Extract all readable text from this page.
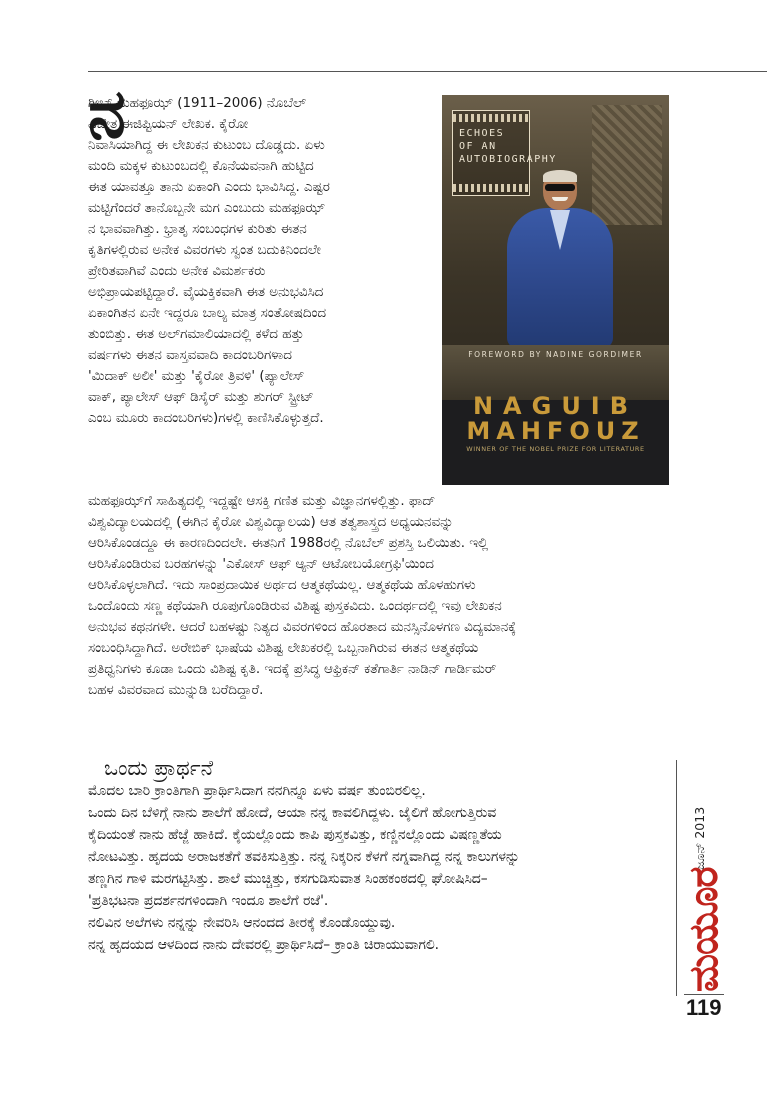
ನ
ಗೀಬ್ ಮಹಫೂಝ್ (1911–2006) ನೊಬೆಲ್
ವಿಜೇತ ಈಜಿಪ್ಟಿಯನ್ ಲೇಖಕ. ಕೈರೋ
ನಿವಾಸಿಯಾಗಿದ್ದ ಈ ಲೇಖಕನ ಕುಟುಂಬ ದೊಡ್ಡದು. ಏಳು
ಮಂದಿ ಮಕ್ಕಳ ಕುಟುಂಬದಲ್ಲಿ ಕೊನೆಯವನಾಗಿ ಹುಟ್ಟಿದ
ಈತ ಯಾವತ್ತೂ ತಾನು ಏಕಾಂಗಿ ಎಂದು ಭಾವಿಸಿದ್ದ. ಎಷ್ಟರ
ಮಟ್ಟಿಗೆಂದರೆ ತಾನೊಬ್ಬನೇ ಮಗ ಎಂಬುದು ಮಹಫೂಝ್
ನ ಭಾವವಾಗಿತ್ತು. ಭ್ರಾತೃ ಸಂಬಂಧಗಳ ಕುರಿತು ಈತನ
ಕೃತಿಗಳಲ್ಲಿರುವ ಅನೇಕ ವಿವರಗಳು ಸ್ವಂತ ಬದುಕಿನಿಂದಲೇ
ಪ್ರೇರಿತವಾಗಿವೆ ಎಂದು ಅನೇಕ ವಿಮರ್ಶಕರು
ಅಭಿಪ್ರಾಯಪಟ್ಟಿದ್ದಾರೆ. ವೈಯಕ್ತಿಕವಾಗಿ ಈತ ಅನುಭವಿಸಿದ
ಏಕಾಂಗಿತನ ಏನೇ ಇದ್ದರೂ ಬಾಲ್ಯ ಮಾತ್ರ ಸಂತೋಷದಿಂದ
ತುಂಬಿತ್ತು. ಈತ ಅಲ್‌ಗಮಾಲಿಯಾದಲ್ಲಿ ಕಳೆದ ಹತ್ತು
ವರ್ಷಗಳು ಈತನ ವಾಸ್ತವವಾದಿ ಕಾದಂಬರಿಗಳಾದ
'ಮಿದಾಕ್ ಅಲೀ' ಮತ್ತು 'ಕೈರೋ ತ್ರಿವಳಿ' (ಪ್ಯಾಲೇಸ್
ವಾಕ್, ಪ್ಯಾಲೇಸ್ ಆಫ್ ಡಿಸೈರ್ ಮತ್ತು ಶುಗರ್ ಸ್ಟ್ರೀಟ್
ಎಂಬ ಮೂರು ಕಾದಂಬರಿಗಳು)ಗಳಲ್ಲಿ ಕಾಣಿಸಿಕೊಳ್ಳುತ್ತದೆ.
ECHOES OF AN AUTOBIOGRAPHY
FOREWORD BY NADINE GORDIMER
NAGUIB
MAHFOUZ
WINNER OF THE NOBEL PRIZE FOR LITERATURE
ಮಹಫೂಝ್‌ಗೆ ಸಾಹಿತ್ಯದಲ್ಲಿ ಇದ್ದಷ್ಟೇ ಆಸಕ್ತಿ ಗಣಿತ ಮತ್ತು ವಿಜ್ಞಾನಗಳಲ್ಲಿತ್ತು. ಫಾದ್
ವಿಶ್ವವಿದ್ಯಾಲಯದಲ್ಲಿ (ಈಗಿನ ಕೈರೋ ವಿಶ್ವವಿದ್ಯಾಲಯ) ಆತ ತತ್ವಶಾಸ್ತ್ರದ ಅಧ್ಯಯನವನ್ನು
ಆರಿಸಿಕೊಂಡದ್ದೂ ಈ ಕಾರಣದಿಂದಲೇ. ಈತನಿಗೆ 1988ರಲ್ಲಿ ನೊಬೆಲ್ ಪ್ರಶಸ್ತಿ ಒಲಿಯಿತು. ಇಲ್ಲಿ
ಆರಿಸಿಕೊಂಡಿರುವ ಬರಹಗಳನ್ನು 'ಎಕೋಸ್ ಆಫ್ ಆ್ಯನ್ ಆಟೋಬಯೋಗ್ರಫಿ'ಯಿಂದ
ಆರಿಸಿಕೊಳ್ಳಲಾಗಿದೆ. ಇದು ಸಾಂಪ್ರದಾಯಿಕ ಅರ್ಥದ ಆತ್ಮಕಥೆಯಲ್ಲ. ಆತ್ಮಕಥೆಯ ಹೊಳಹುಗಳು
ಒಂದೊಂದು ಸಣ್ಣ ಕಥೆಯಾಗಿ ರೂಪುಗೊಂಡಿರುವ ವಿಶಿಷ್ಟ ಪುಸ್ತಕವಿದು. ಒಂದರ್ಥದಲ್ಲಿ ಇವು ಲೇಖಕನ
ಅನುಭವ ಕಥನಗಳೇ. ಆದರೆ ಬಹಳಷ್ಟು ನಿತ್ಯದ ವಿವರಗಳಿಂದ ಹೊರತಾದ ಮನಸ್ಸಿನೊಳಗಣ ವಿದ್ಯಮಾನಕ್ಕೆ
ಸಂಬಂಧಿಸಿದ್ದಾಗಿದೆ. ಅರೇಬಿಕ್ ಭಾಷೆಯ ವಿಶಿಷ್ಟ ಲೇಖಕರಲ್ಲಿ ಒಬ್ಬನಾಗಿರುವ ಈತನ ಆತ್ಮಕಥೆಯ
ಪ್ರತಿಧ್ವನಿಗಳು ಕೂಡಾ ಒಂದು ವಿಶಿಷ್ಟ ಕೃತಿ. ಇದಕ್ಕೆ ಪ್ರಸಿದ್ಧ ಆಫ್ರಿಕನ್ ಕತೆಗಾರ್ತಿ ನಾಡಿನ್ ಗಾರ್ಡಿಮರ್
ಬಹಳ ವಿವರವಾದ ಮುನ್ನುಡಿ ಬರೆದಿದ್ದಾರೆ.
ಒಂದು ಪ್ರಾರ್ಥನೆ
ಮೊದಲ ಬಾರಿ ಕ್ರಾಂತಿಗಾಗಿ ಪ್ರಾರ್ಥಿಸಿದಾಗ ನನಗಿನ್ನೂ ಏಳು ವರ್ಷ ತುಂಬಿರಲಿಲ್ಲ.
ಒಂದು ದಿನ ಬೆಳಿಗ್ಗೆ ನಾನು ಶಾಲೆಗೆ ಹೋದೆ, ಆಯಾ ನನ್ನ ಕಾವಲಿಗಿದ್ದಳು. ಜೈಲಿಗೆ ಹೋಗುತ್ತಿರುವ
ಕೈದಿಯಂತೆ ನಾನು ಹೆಜ್ಜೆ ಹಾಕಿದೆ. ಕೈಯಲ್ಲೊಂದು ಕಾಪಿ ಪುಸ್ತಕವಿತ್ತು, ಕಣ್ಣಿನಲ್ಲೊಂದು ವಿಷಣ್ಣತೆಯ
ನೋಟವಿತ್ತು. ಹೃದಯ ಅರಾಜಕತೆಗೆ ತವಕಿಸುತ್ತಿತ್ತು. ನನ್ನ ನಿಕ್ಕರಿನ ಕೆಳಗೆ ನಗ್ನವಾಗಿದ್ದ ನನ್ನ ಕಾಲುಗಳನ್ನು
ತಣ್ಣಗಿನ ಗಾಳಿ ಮರಗಟ್ಟಿಸಿತ್ತು. ಶಾಲೆ ಮುಚ್ಚಿತ್ತು, ಕಸಗುಡಿಸುವಾತ ಸಿಂಹಕಂಠದಲ್ಲಿ ಘೋಷಿಸಿದ–
'ಪ್ರತಿಭಟನಾ ಪ್ರದರ್ಶನಗಳಿಂದಾಗಿ ಇಂದೂ ಶಾಲೆಗೆ ರಜೆ'.
ನಲಿವಿನ ಅಲೆಗಳು ನನ್ನನ್ನು ನೇವರಿಸಿ ಆನಂದದ ತೀರಕ್ಕೆ ಕೊಂಡೊಯ್ದುವು.
ನನ್ನ ಹೃದಯದ ಆಳದಿಂದ ನಾನು ದೇವರಲ್ಲಿ ಪ್ರಾರ್ಥಿಸಿದೆ– ಕ್ರಾಂತಿ ಚಿರಾಯುವಾಗಲಿ.
ಜೂನ್ 2013
ಮಯೂರ
119
